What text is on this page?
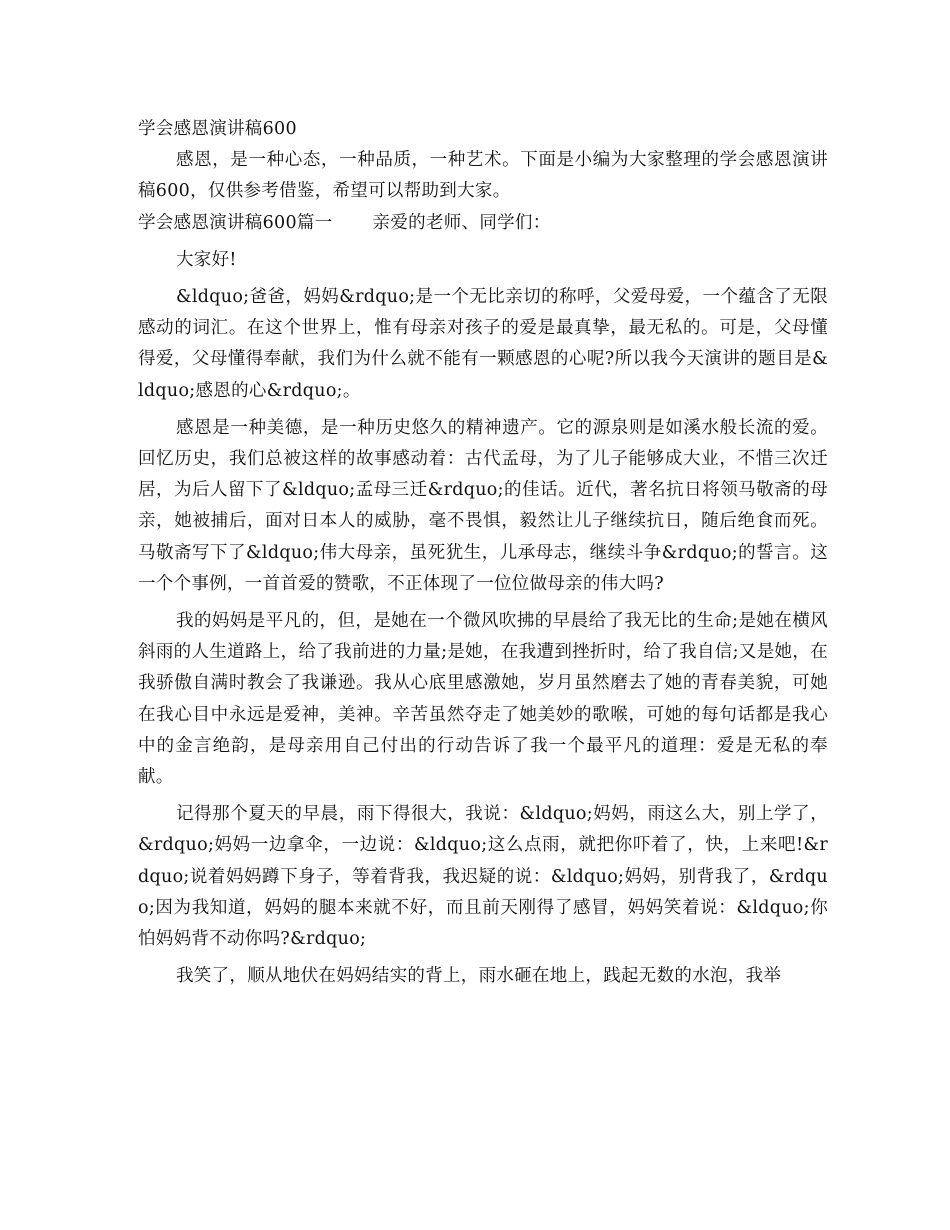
学会感恩演讲稿600

感恩，是一种心态，一种品质，一种艺术。下面是小编为大家整理的学会感恩演讲稿600，仅供参考借鉴，希望可以帮助到大家。

学会感恩演讲稿600篇一 亲爱的老师、同学们：

大家好!

&ldquo;爸爸，妈妈&rdquo;是一个无比亲切的称呼，父爱母爱，一个蕴含了无限感动的词汇。在这个世界上，惟有母亲对孩子的爱是最真挚，最无私的。可是，父母懂得爱，父母懂得奉献，我们为什么就不能有一颗感恩的心呢?所以我今天演讲的题目是&ldquo;感恩的心&rdquo;。

感恩是一种美德，是一种历史悠久的精神遗产。它的源泉则是如溪水般长流的爱。回忆历史，我们总被这样的故事感动着：古代孟母，为了儿子能够成大业，不惜三次迁居，为后人留下了&ldquo;孟母三迁&rdquo;的佳话。近代，著名抗日将领马敬斋的母亲，她被捕后，面对日本人的威胁，毫不畏惧，毅然让儿子继续抗日，随后绝食而死。马敬斋写下了&ldquo;伟大母亲，虽死犹生，儿承母志，继续斗争&rdquo;的誓言。这一个个事例，一首首爱的赞歌，不正体现了一位位做母亲的伟大吗?

我的妈妈是平凡的，但，是她在一个微风吹拂的早晨给了我无比的生命;是她在横风斜雨的人生道路上，给了我前进的力量;是她，在我遭到挫折时，给了我自信;又是她，在我骄傲自满时教会了我谦逊。我从心底里感激她，岁月虽然磨去了她的青春美貌，可她在我心目中永远是爱神，美神。辛苦虽然夺走了她美妙的歌喉，可她的每句话都是我心中的金言绝韵，是母亲用自己付出的行动告诉了我一个最平凡的道理：爱是无私的奉献。

记得那个夏天的早晨，雨下得很大，我说：&ldquo;妈妈，雨这么大，别上学了，&rdquo;妈妈一边拿伞，一边说：&ldquo;这么点雨，就把你吓着了，快，上来吧!&rdquo;说着妈妈蹲下身子，等着背我，我迟疑的说：&ldquo;妈妈，别背我了，&rdquo;因为我知道，妈妈的腿本来就不好，而且前天刚得了感冒，妈妈笑着说：&ldquo;你怕妈妈背不动你吗?&rdquo;

我笑了，顺从地伏在妈妈结实的背上，雨水砸在地上，践起无数的水泡，我举
